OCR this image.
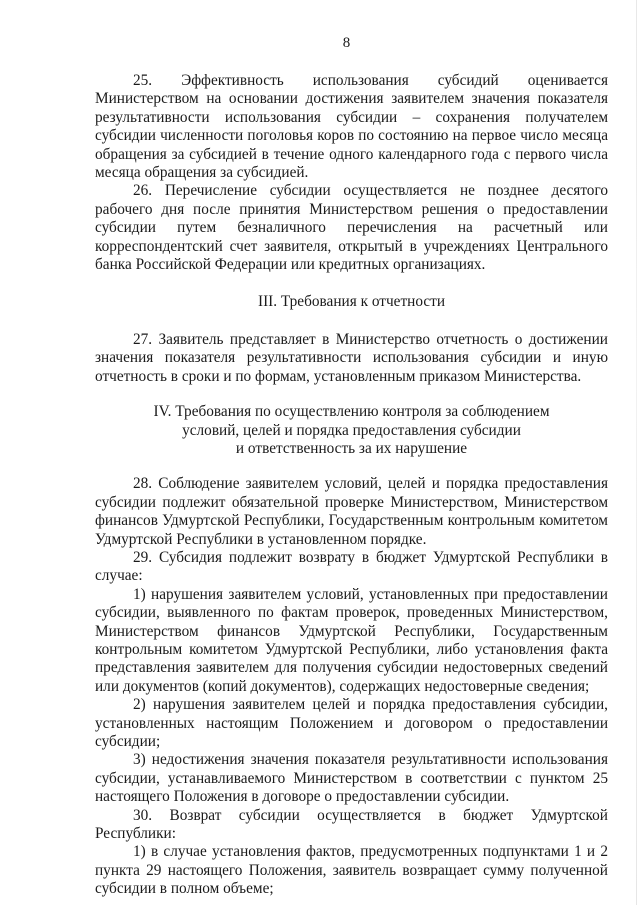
8

25. Эффективность использования субсидий оценивается Министерством на основании достижения заявителем значения показателя результативности использования субсидии – сохранения получателем субсидии численности поголовья коров по состоянию на первое число месяца обращения за субсидией в течение одного календарного года с первого числа месяца обращения за субсидией.

26. Перечисление субсидии осуществляется не позднее десятого рабочего дня после принятия Министерством решения о предоставлении субсидии путем безналичного перечисления на расчетный или корреспондентский счет заявителя, открытый в учреждениях Центрального банка Российской Федерации или кредитных организациях.

III. Требования к отчетности

27. Заявитель представляет в Министерство отчетность о достижении значения показателя результативности использования субсидии и иную отчетность в сроки и по формам, установленным приказом Министерства.

IV. Требования по осуществлению контроля за соблюдением

условий, целей и порядка предоставления субсидии

и ответственность за их нарушение

28. Соблюдение заявителем условий, целей и порядка предоставления субсидии подлежит обязательной проверке Министерством, Министерством финансов Удмуртской Республики, Государственным контрольным комитетом Удмуртской Республики в установленном порядке.

29. Субсидия подлежит возврату в бюджет Удмуртской Республики в случае:

1) нарушения заявителем условий, установленных при предоставлении субсидии, выявленного по фактам проверок, проведенных Министерством, Министерством финансов Удмуртской Республики, Государственным контрольным комитетом Удмуртской Республики, либо установления факта представления заявителем для получения субсидии недостоверных сведений или документов (копий документов), содержащих недостоверные сведения;

2) нарушения заявителем целей и порядка предоставления субсидии, установленных настоящим Положением и договором о предоставлении субсидии;

3) недостижения значения показателя результативности использования субсидии, устанавливаемого Министерством в соответствии с пунктом 25 настоящего Положения в договоре о предоставлении субсидии.

30. Возврат субсидии осуществляется в бюджет Удмуртской Республики:

1) в случае установления фактов, предусмотренных подпунктами 1 и 2 пункта 29 настоящего Положения, заявитель возвращает сумму полученной субсидии в полном объеме;
